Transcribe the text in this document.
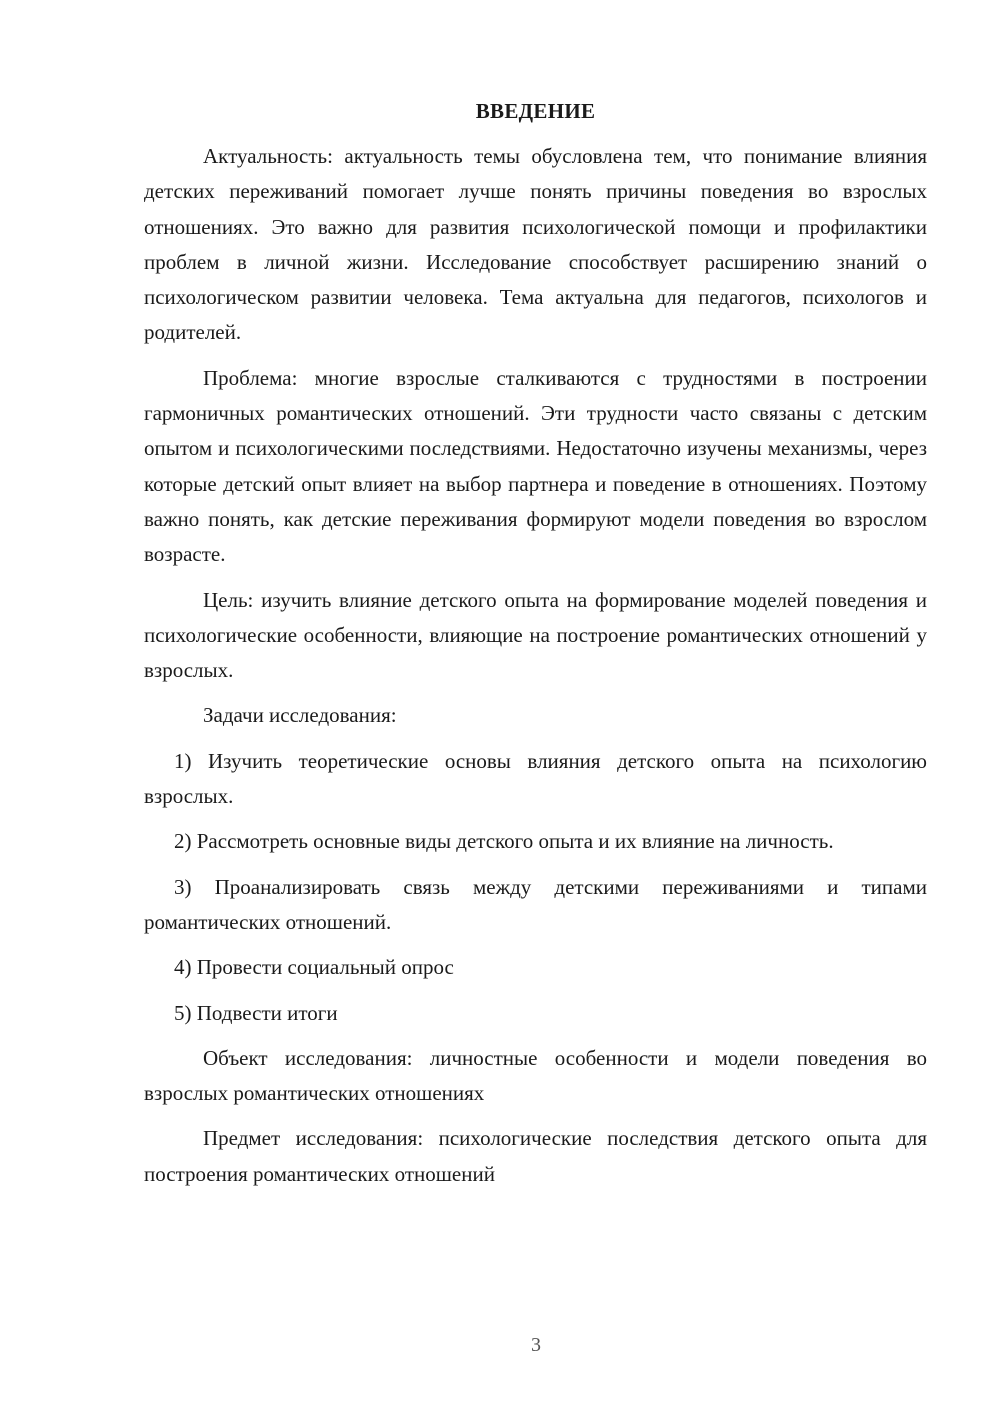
ВВЕДЕНИЕ

Актуальность: актуальность темы обусловлена тем, что понимание влияния детских переживаний помогает лучше понять причины поведения во взрослых отношениях. Это важно для развития психологической помощи и профилактики проблем в личной жизни. Исследование способствует расширению знаний о психологическом развитии человека. Тема актуальна для педагогов, психологов и родителей.

Проблема: многие взрослые сталкиваются с трудностями в построении гармоничных романтических отношений. Эти трудности часто связаны с детским опытом и психологическими последствиями. Недостаточно изучены механизмы, через которые детский опыт влияет на выбор партнера и поведение в отношениях. Поэтому важно понять, как детские переживания формируют модели поведения во взрослом возрасте.

Цель: изучить влияние детского опыта на формирование моделей поведения и психологические особенности, влияющие на построение романтических отношений у взрослых.

Задачи исследования:

1) Изучить теоретические основы влияния детского опыта на психологию взрослых.

2) Рассмотреть основные виды детского опыта и их влияние на личность.

3) Проанализировать связь между детскими переживаниями и типами романтических отношений.

4) Провести социальный опрос

5) Подвести итоги

Объект исследования: личностные особенности и модели поведения во взрослых романтических отношениях

Предмет исследования: психологические последствия детского опыта для построения романтических отношений

3
